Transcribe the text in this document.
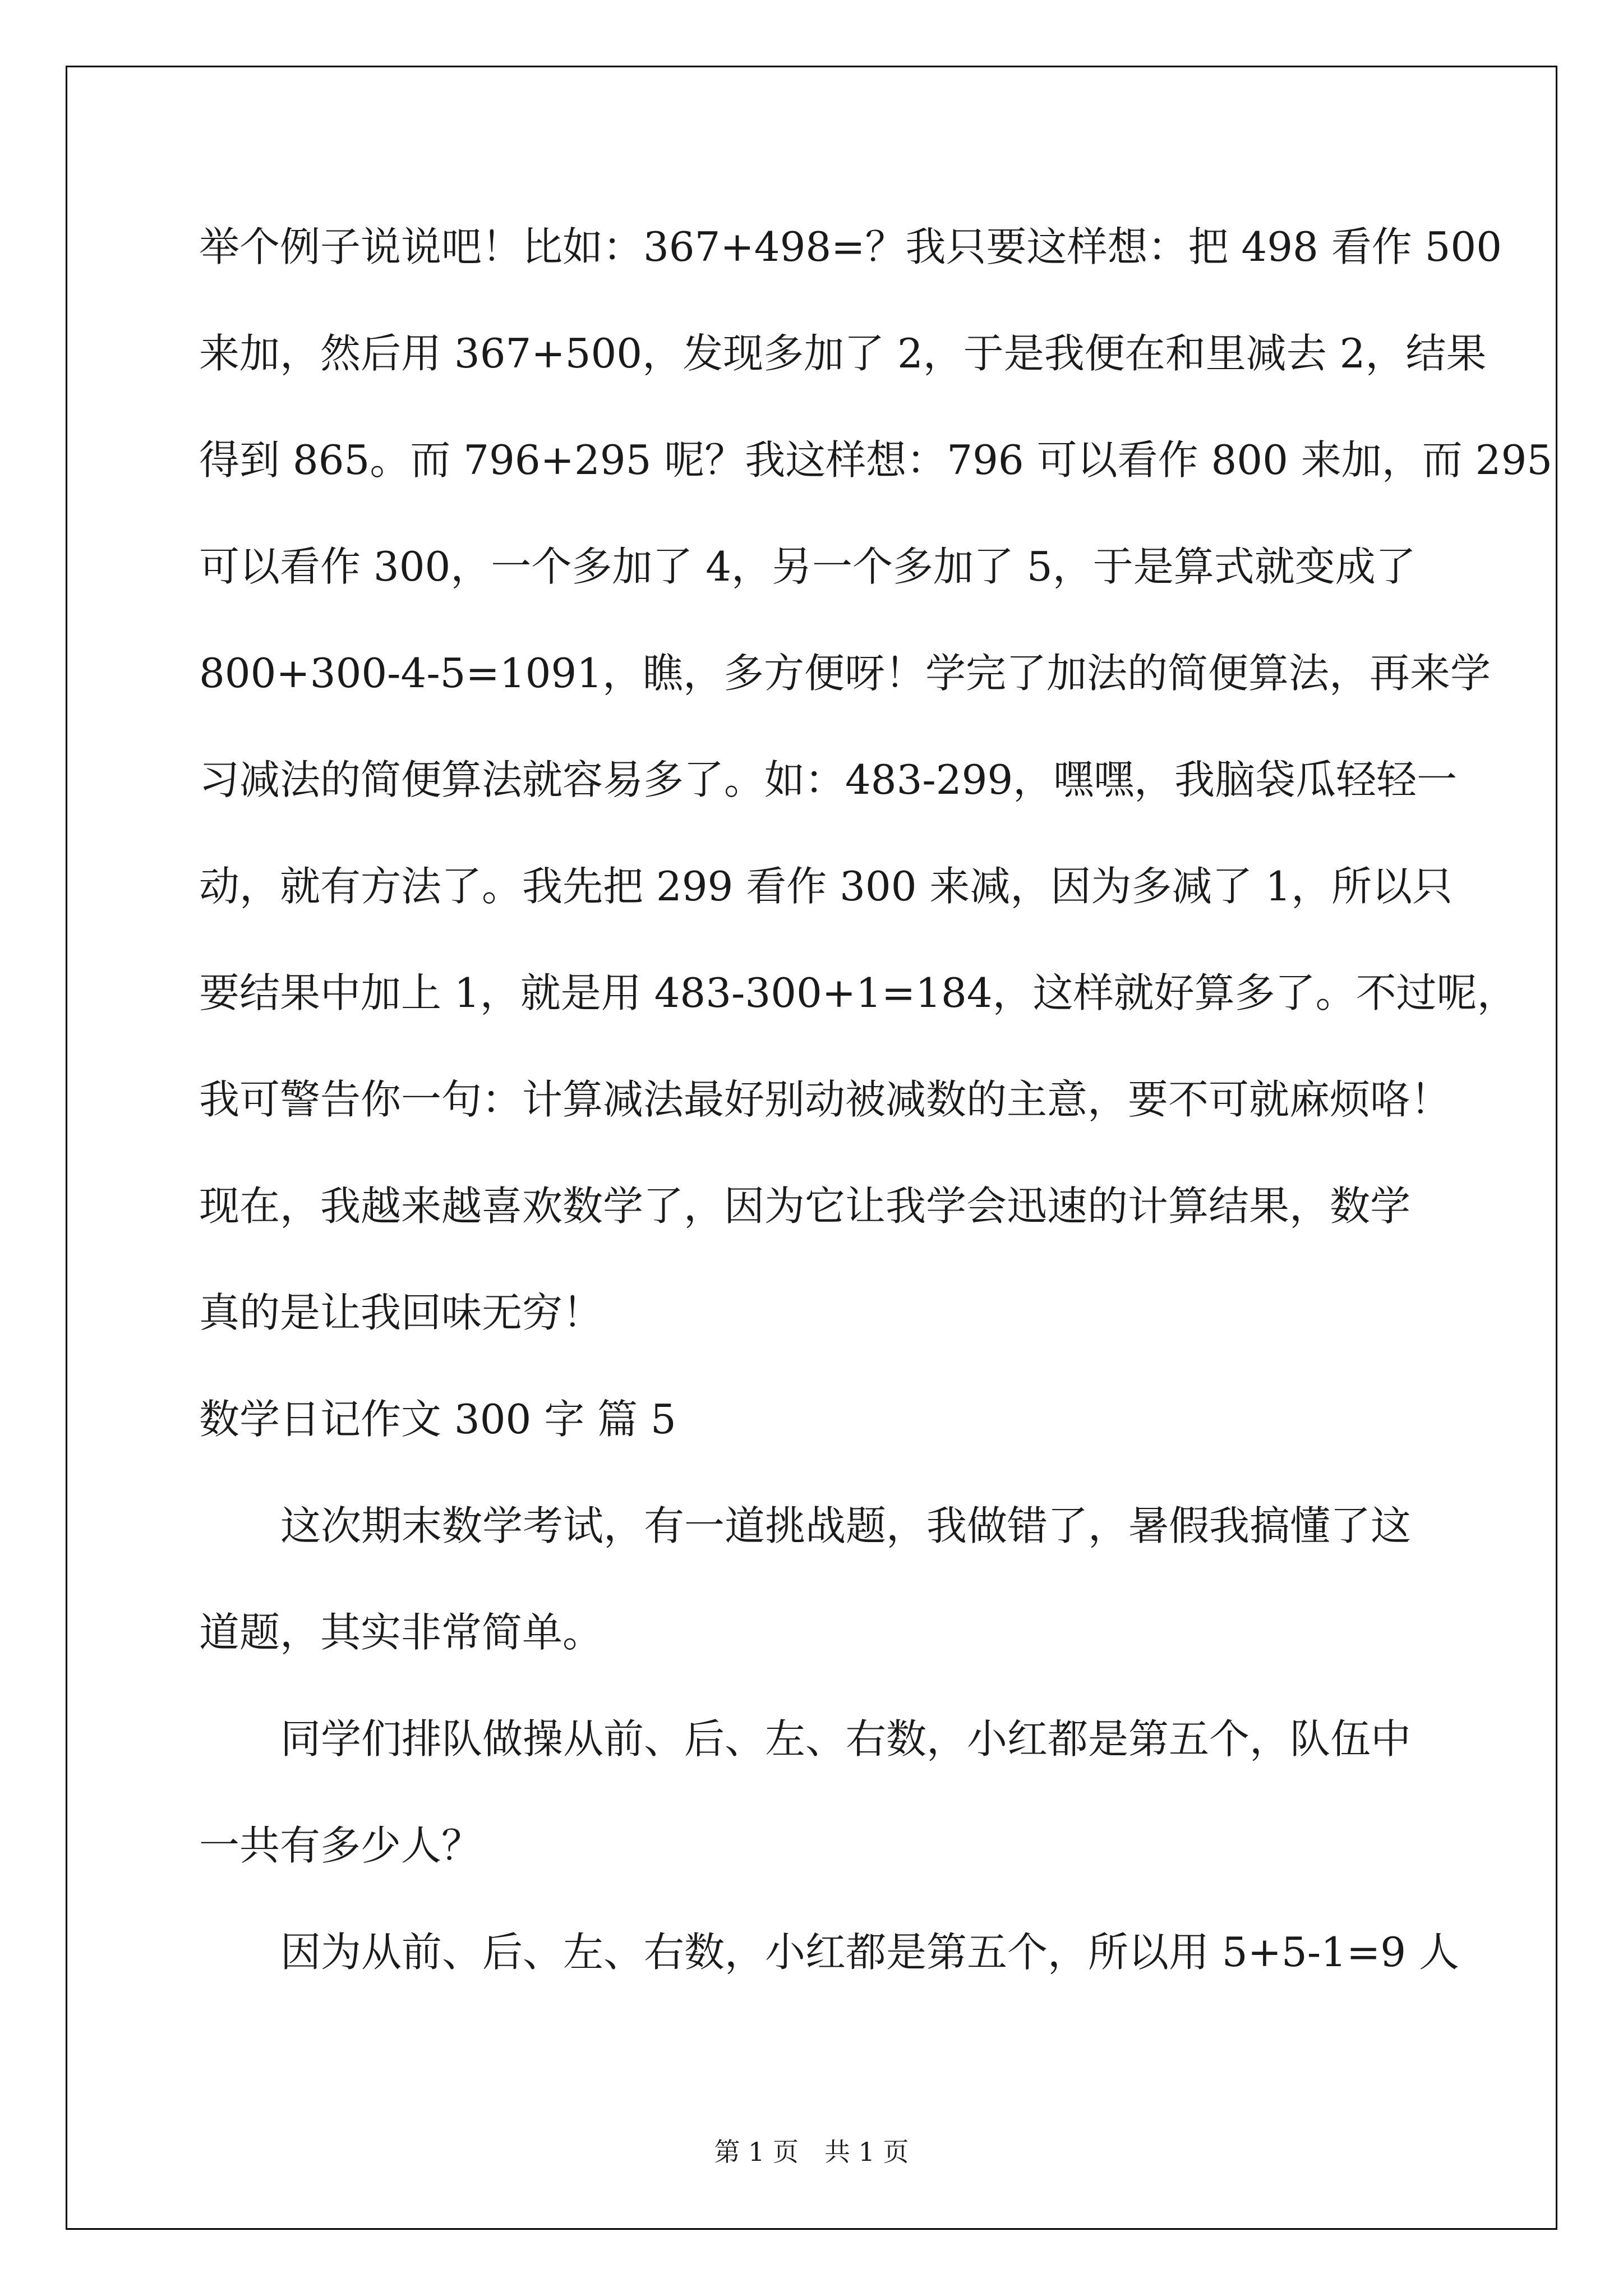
举个例子说说吧！比如：367+498=？我只要这样想：把 498 看作 500
来加，然后用 367+500，发现多加了 2，于是我便在和里减去 2，结果
得到 865。而 796+295 呢？我这样想：796 可以看作 800 来加，而 295
可以看作 300，一个多加了 4，另一个多加了 5，于是算式就变成了
800+300-4-5=1091，瞧，多方便呀！学完了加法的简便算法，再来学
习减法的简便算法就容易多了。如：483-299，嘿嘿，我脑袋瓜轻轻一
动，就有方法了。我先把 299 看作 300 来减，因为多减了 1，所以只
要结果中加上 1，就是用 483-300+1=184，这样就好算多了。不过呢，
我可警告你一句：计算减法最好别动被减数的主意，要不可就麻烦咯！
现在，我越来越喜欢数学了，因为它让我学会迅速的计算结果，数学
真的是让我回味无穷！
数学日记作文 300 字 篇 5
这次期末数学考试，有一道挑战题，我做错了，暑假我搞懂了这
道题，其实非常简单。
同学们排队做操从前、后、左、右数，小红都是第五个，队伍中
一共有多少人？
因为从前、后、左、右数，小红都是第五个，所以用 5+5-1=9 人
第 1 页　共 1 页
